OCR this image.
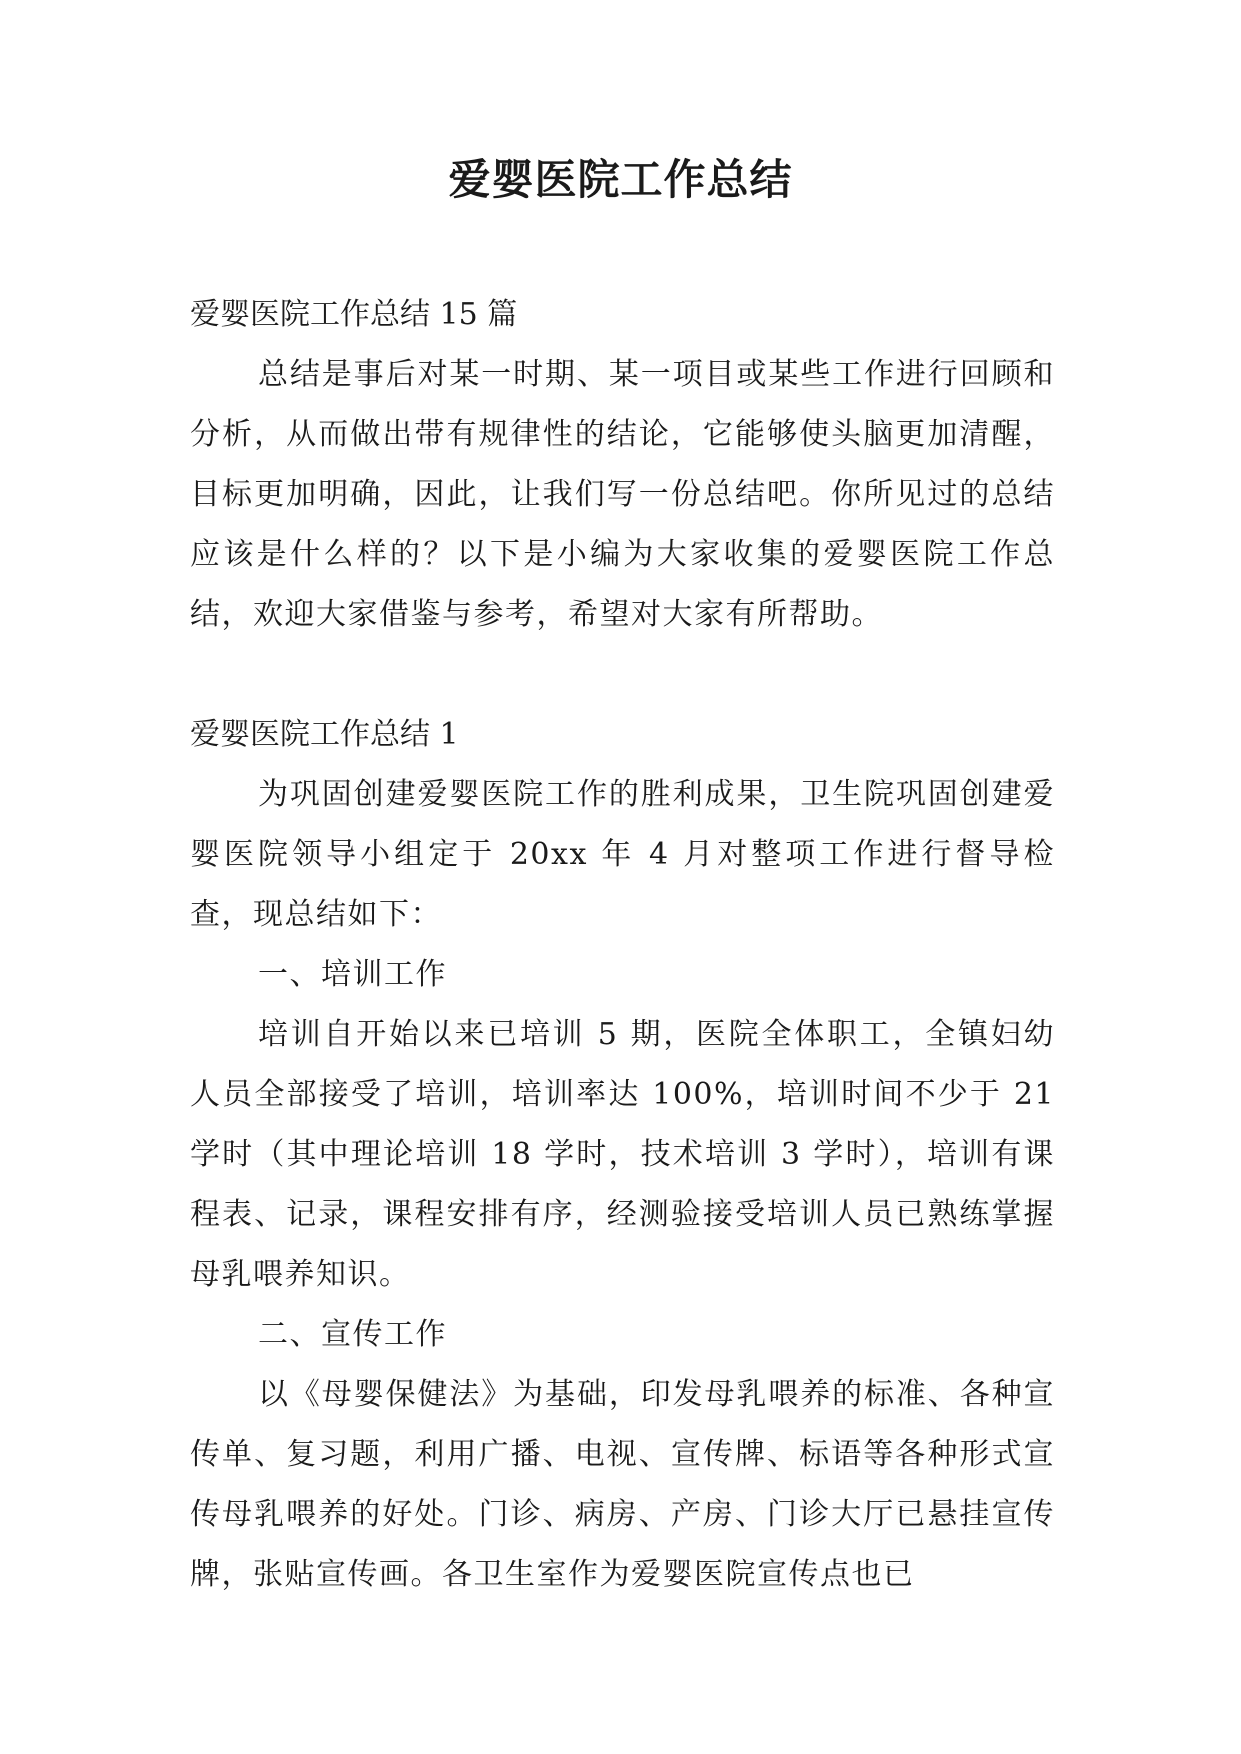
爱婴医院工作总结

爱婴医院工作总结 15 篇

总结是事后对某一时期、某一项目或某些工作进行回顾和分析，从而做出带有规律性的结论，它能够使头脑更加清醒，目标更加明确，因此，让我们写一份总结吧。你所见过的总结应该是什么样的？以下是小编为大家收集的爱婴医院工作总结，欢迎大家借鉴与参考，希望对大家有所帮助。

爱婴医院工作总结 1

为巩固创建爱婴医院工作的胜利成果，卫生院巩固创建爱婴医院领导小组定于 20xx 年 4 月对整项工作进行督导检查，现总结如下：

一、培训工作

培训自开始以来已培训 5 期，医院全体职工，全镇妇幼人员全部接受了培训，培训率达 100%，培训时间不少于 21 学时（其中理论培训 18 学时，技术培训 3 学时），培训有课程表、记录，课程安排有序，经测验接受培训人员已熟练掌握母乳喂养知识。

二、宣传工作

以《母婴保健法》为基础，印发母乳喂养的标准、各种宣传单、复习题，利用广播、电视、宣传牌、标语等各种形式宣传母乳喂养的好处。门诊、病房、产房、门诊大厅已悬挂宣传牌，张贴宣传画。各卫生室作为爱婴医院宣传点也已
